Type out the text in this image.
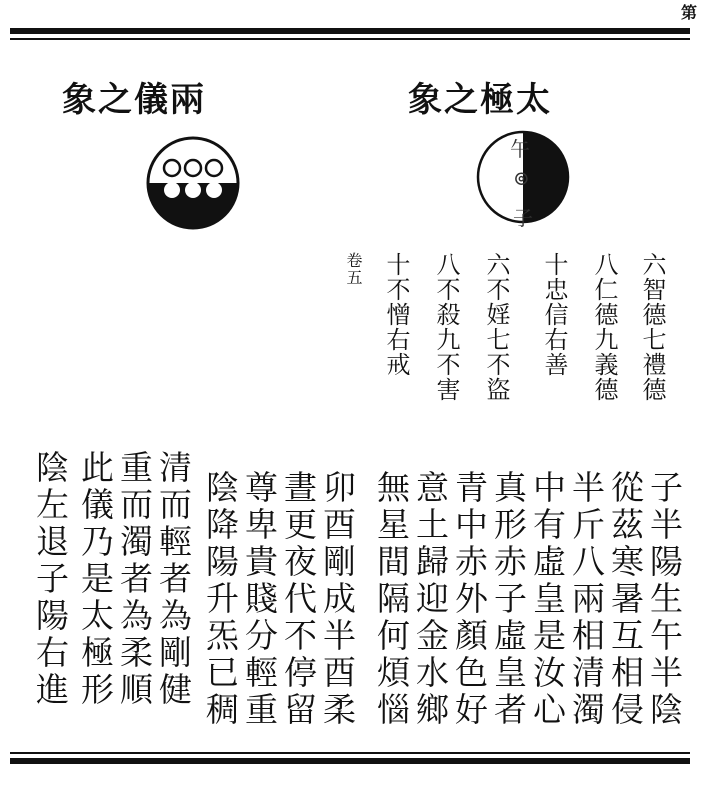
第
象之儀兩	象之極太
午
⊚
子
六智德七禮德
八仁德九義德
十忠信右善
六不婬七不盜
八不殺九不害
十不憎右戒
卷五
子半陽生午半陰
從茲寒暑互相侵
半斤八兩相清濁
中有虛皇是汝心
真形赤子虛皇者
青中赤外顏色好
意土歸迎金水鄉
無星間隔何煩惱
卯酉剛成半酉柔
晝更夜代不停留
尊卑貴賤分輕重
陰降陽升炁已稠
清而輕者為剛健
重而濁者為柔順
此儀乃是太極形
陰左退子陽右進
